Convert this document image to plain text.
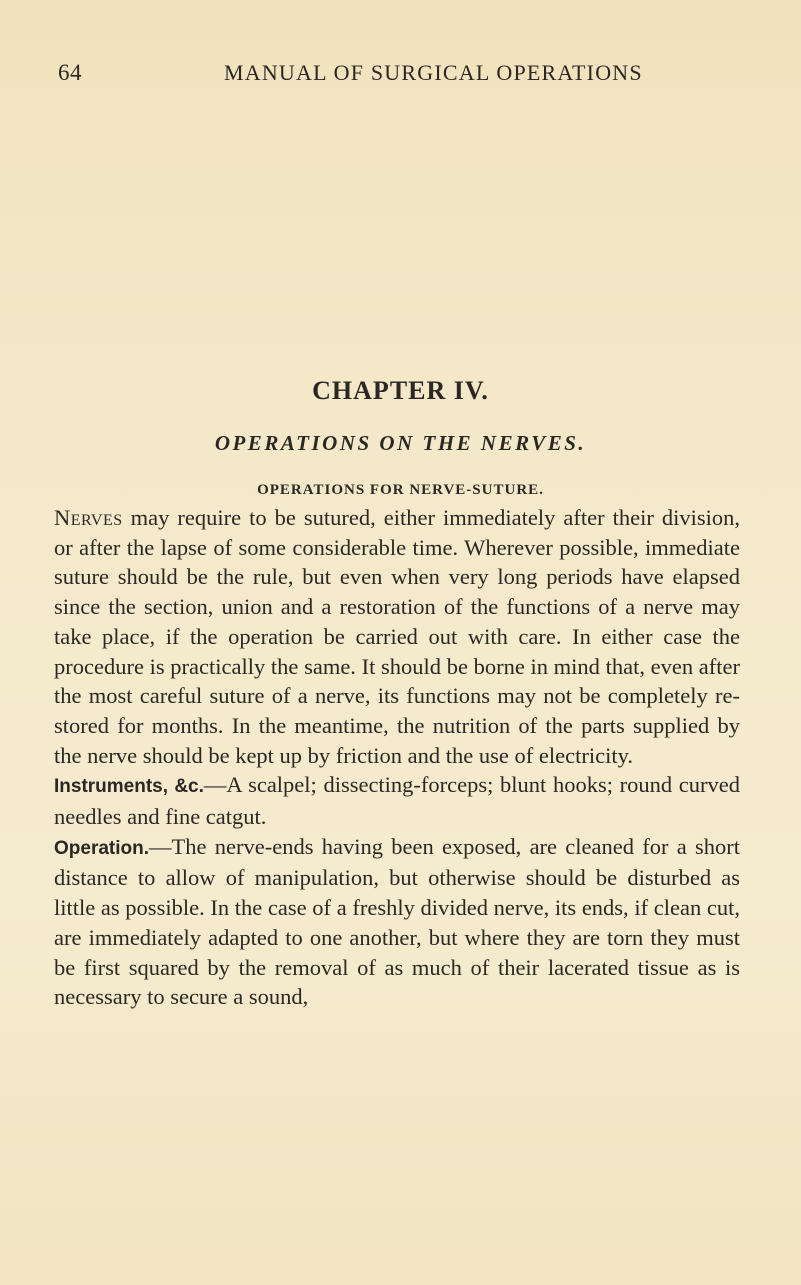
64	MANUAL OF SURGICAL OPERATIONS
CHAPTER IV.
OPERATIONS ON THE NERVES.
OPERATIONS FOR NERVE-SUTURE.

Nerves may require to be sutured, either immediately after their division, or after the lapse of some considerable time. Wherever possible, immediate suture should be the rule, but even when very long periods have elapsed since the section, union and a restoration of the functions of a nerve may take place, if the operation be carried out with care. In either case the procedure is practically the same. It should be borne in mind that, even after the most careful suture of a nerve, its functions may not be completely re-stored for months. In the meantime, the nutrition of the parts supplied by the nerve should be kept up by friction and the use of electricity.

Instruments, &c.—A scalpel; dissecting-forceps; blunt hooks; round curved needles and fine catgut.

Operation.—The nerve-ends having been exposed, are cleaned for a short distance to allow of manipulation, but otherwise should be disturbed as little as possible. In the case of a freshly divided nerve, its ends, if clean cut, are immediately adapted to one another, but where they are torn they must be first squared by the removal of as much of their lacerated tissue as is necessary to secure a sound,
